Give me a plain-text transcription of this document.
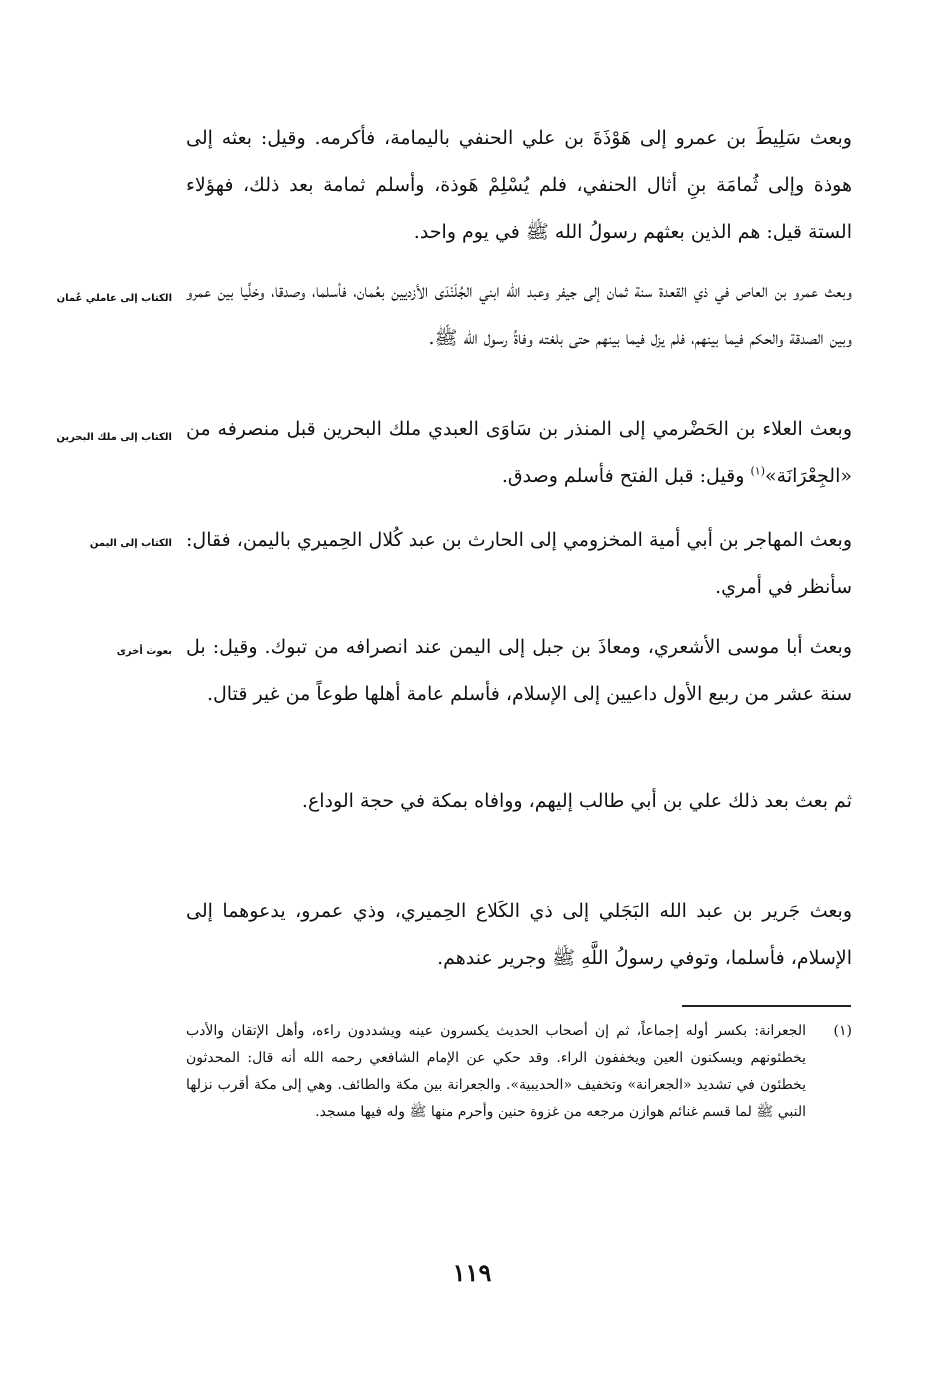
وبعث سَلِيطَ بن عمرو إلى هَوْذَةَ بن علي الحنفي باليمامة، فأكرمه. وقيل: بعثه إلى هوذة وإلى ثُمامَة بنِ أثال الحنفي، فلم يُسْلِمْ هَوذة، وأسلم ثمامة بعد ذلك، فهؤلاء الستة قيل: هم الذين بعثهم رسولُ الله ﷺ في يوم واحد.

وبعث عمرو بن العاص في ذي القعدة سنة ثمان إلى جيفر وعبد الله ابني الجُلَنْدَى الأزديين بعُمان، فأسلما، وصدقا، وخلَّيا بين عمرو وبين الصدقة والحكم فيما بينهم، فلم يزل فيما بينهم حتى بلغته وفاةُ رسول الله ﷺ.

الكتاب إلى عاملي عُمان

وبعث العلاء بن الحَضْرمي إلى المنذر بن سَاوَى العبدي ملك البحرين قبل منصرفه من «الجِعْرَانَة»$^{(١)}$ وقيل: قبل الفتح فأسلم وصدق.

الكتاب إلى ملك البحرين

وبعث المهاجر بن أبي أمية المخزومي إلى الحارث بن عبد كُلال الحِميري باليمن، فقال: سأنظر في أمري.

الكتاب إلى اليمن

وبعث أبا موسى الأشعري، ومعاذَ بن جبل إلى اليمن عند انصرافه من تبوك. وقيل: بل سنة عشر من ربيع الأول داعيين إلى الإسلام، فأسلم عامة أهلها طوعاً من غير قتال.

بعوث أخرى

ثم بعث بعد ذلك علي بن أبي طالب إليهم، ووافاه بمكة في حجة الوداع.

وبعث جَرير بن عبد الله البَجَلي إلى ذي الكَلاع الحِميري، وذي عمرو، يدعوهما إلى الإسلام، فأسلما، وتوفي رسولُ اللَّهِ ﷺ وجرير عندهم.

(١)
الجعرانة: بكسر أوله إجماعاً، ثم إن أصحاب الحديث يكسرون عينه ويشددون راءه، وأهل الإتقان والأدب يخطئونهم ويسكنون العين ويخففون الراء. وقد حكي عن الإمام الشافعي رحمه الله أنه قال: المحدثون يخطئون في تشديد «الجعرانة» وتخفيف «الحديبية». والجعرانة بين مكة والطائف. وهي إلى مكة أقرب نزلها النبي ﷺ لما قسم غنائم هوازن مرجعه من غزوة حنين وأحرم منها ﷺ وله فيها مسجد.
١١٩
